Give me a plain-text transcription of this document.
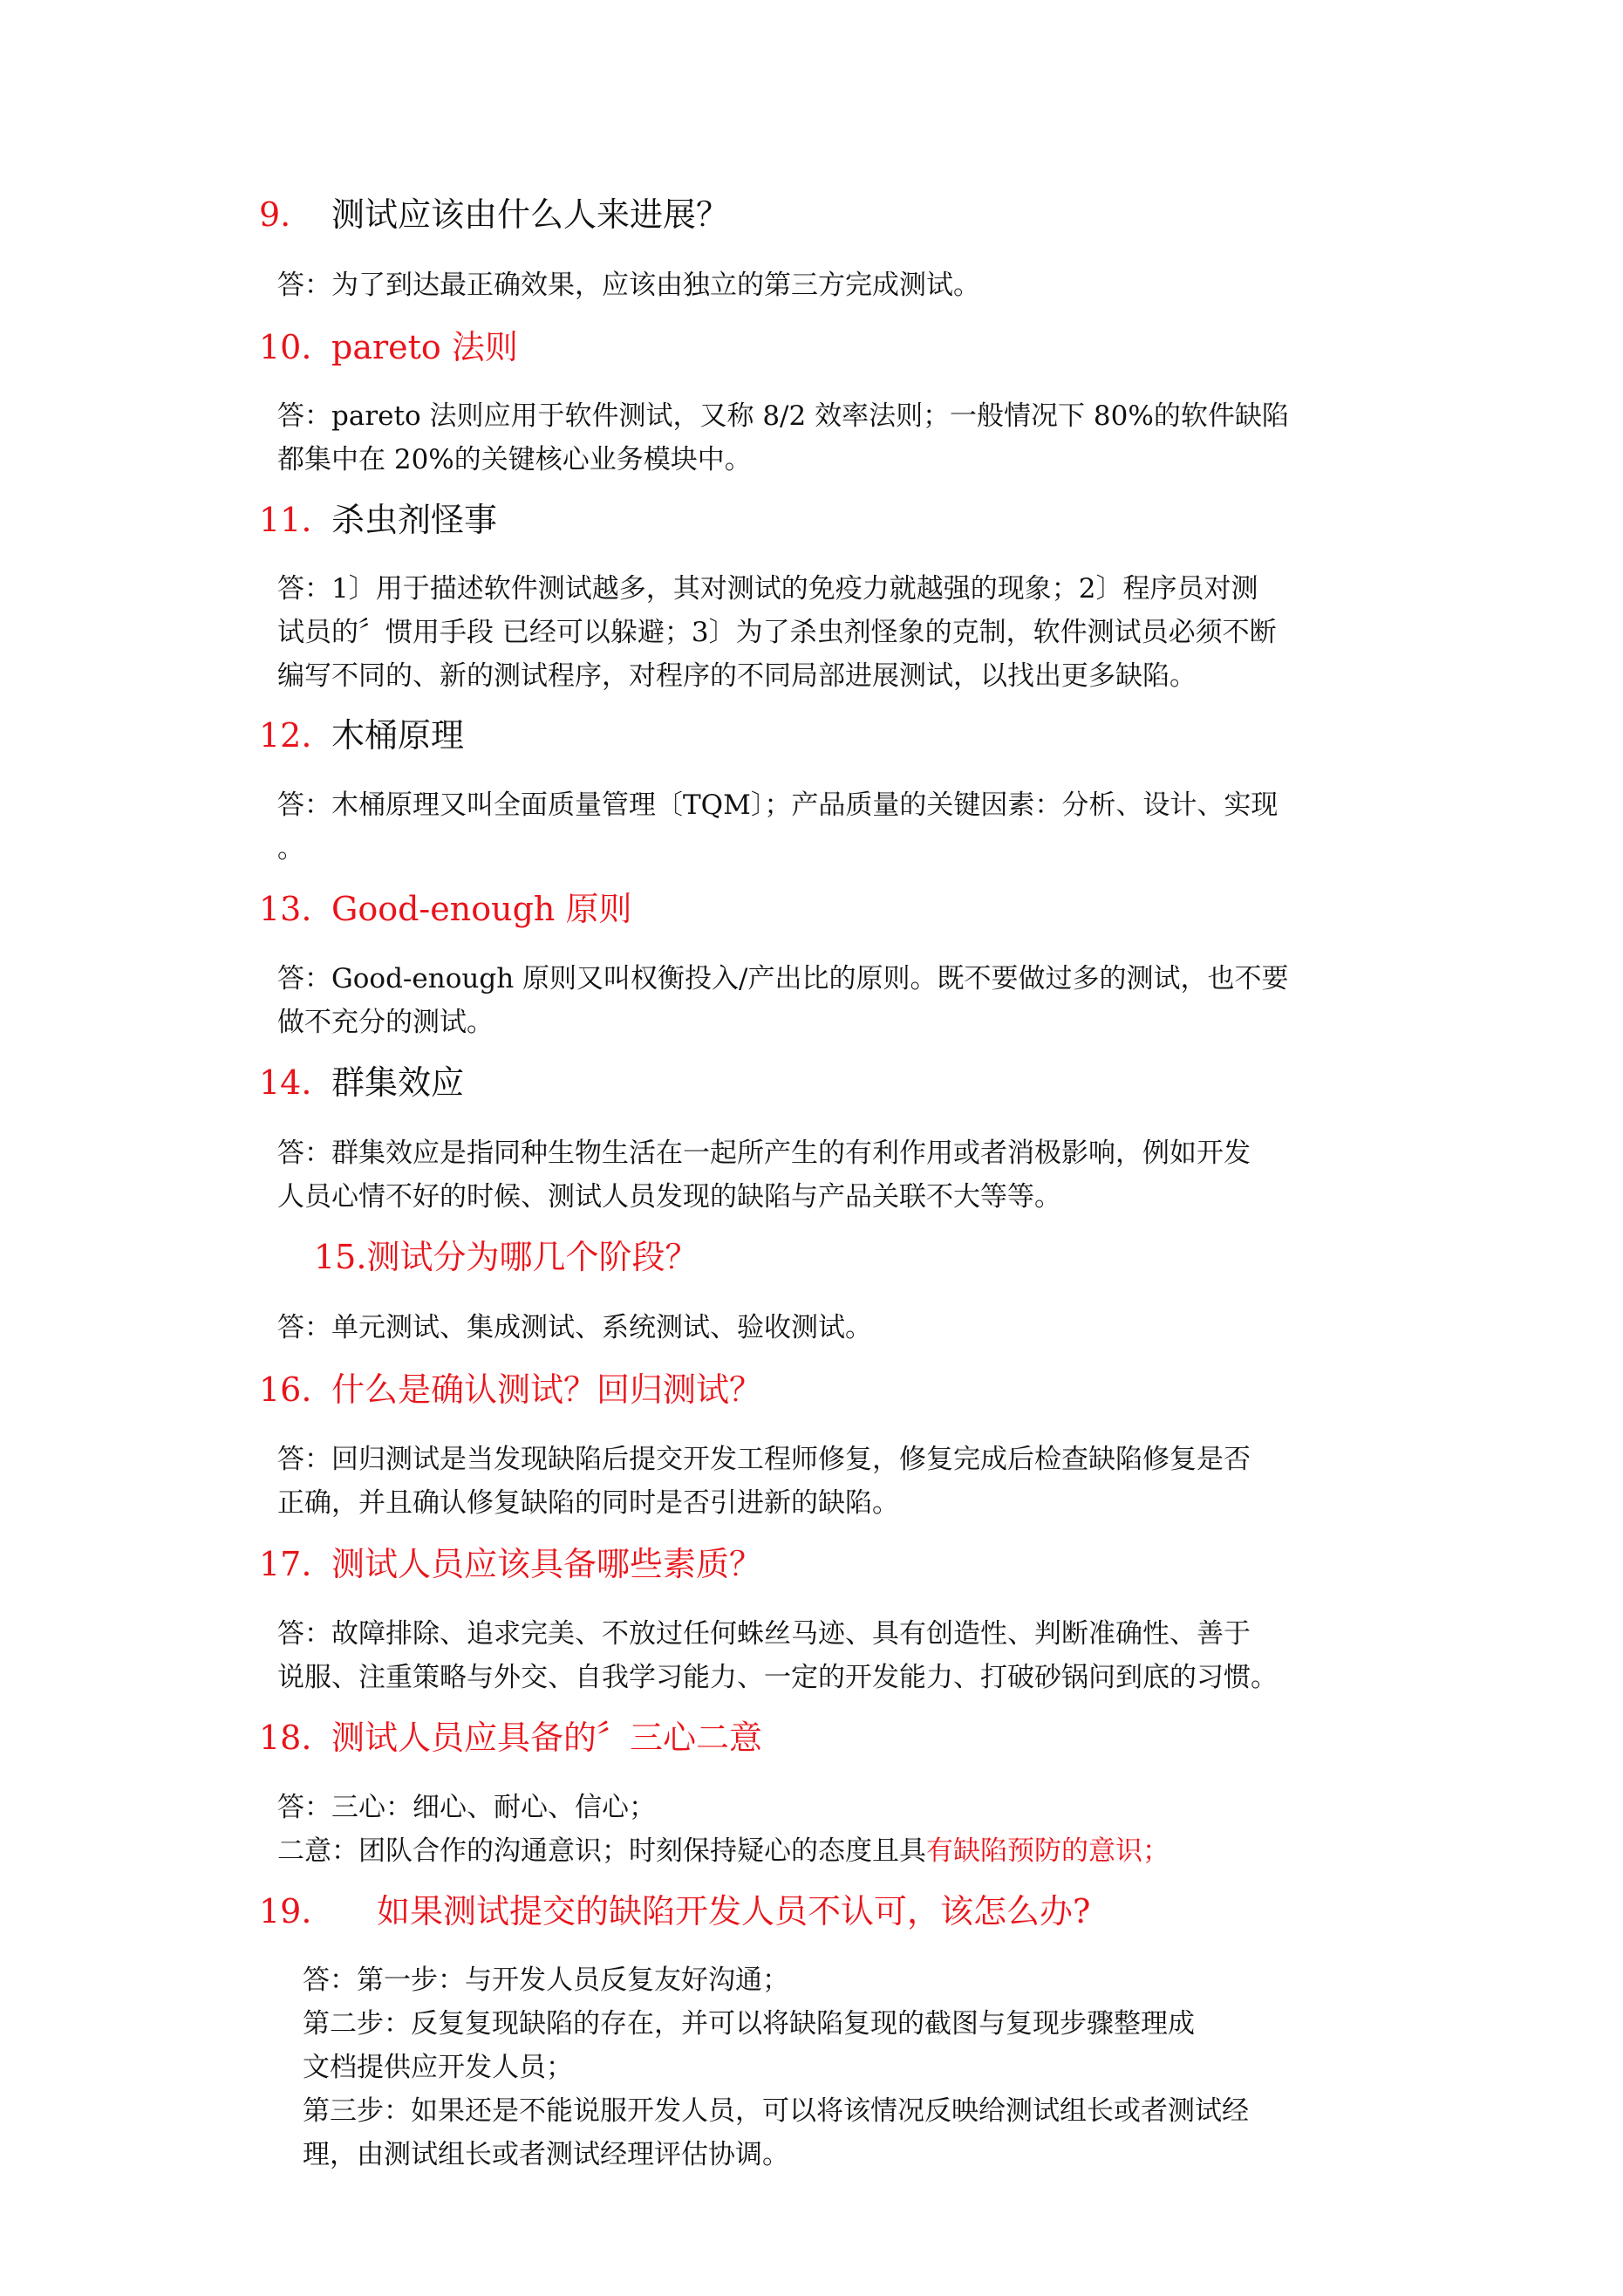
9. 测试应该由什么人来进展？
答：为了到达最正确效果，应该由独立的第三方完成测试。
10. pareto 法则
答：pareto 法则应用于软件测试，又称 8/2 效率法则；一般情况下 80%的软件缺陷
都集中在 20%的关键核心业务模块中。
11. 杀虫剂怪事
答：1〕用于描述软件测试越多，其对测试的免疫力就越强的现象；2〕程序员对测
试员的〞惯用手段 已经可以躲避；3〕为了杀虫剂怪象的克制，软件测试员必须不断
编写不同的、新的测试程序，对程序的不同局部进展测试，以找出更多缺陷。
12. 木桶原理
答：木桶原理又叫全面质量管理〔TQM〕；产品质量的关键因素：分析、设计、实现
。
13. Good-enough 原则
答：Good-enough 原则又叫权衡投入/产出比的原则。既不要做过多的测试，也不要
做不充分的测试。
14. 群集效应
答：群集效应是指同种生物生活在一起所产生的有利作用或者消极影响，例如开发
人员心情不好的时候、测试人员发现的缺陷与产品关联不大等等。
15.测试分为哪几个阶段？
答：单元测试、集成测试、系统测试、验收测试。
16. 什么是确认测试？回归测试？
答：回归测试是当发现缺陷后提交开发工程师修复，修复完成后检查缺陷修复是否
正确，并且确认修复缺陷的同时是否引进新的缺陷。
17. 测试人员应该具备哪些素质？
答：故障排除、追求完美、不放过任何蛛丝马迹、具有创造性、判断准确性、善于
说服、注重策略与外交、自我学习能力、一定的开发能力、打破砂锅问到底的习惯。
18. 测试人员应具备的〞三心二意
答：三心：细心、耐心、信心；
二意：团队合作的沟通意识；时刻保持疑心的态度且具有缺陷预防的意识；
19. 如果测试提交的缺陷开发人员不认可，该怎么办?
答：第一步：与开发人员反复友好沟通；
第二步：反复复现缺陷的存在，并可以将缺陷复现的截图与复现步骤整理成
文档提供应开发人员；
第三步：如果还是不能说服开发人员，可以将该情况反映给测试组长或者测试经
理，由测试组长或者测试经理评估协调。
